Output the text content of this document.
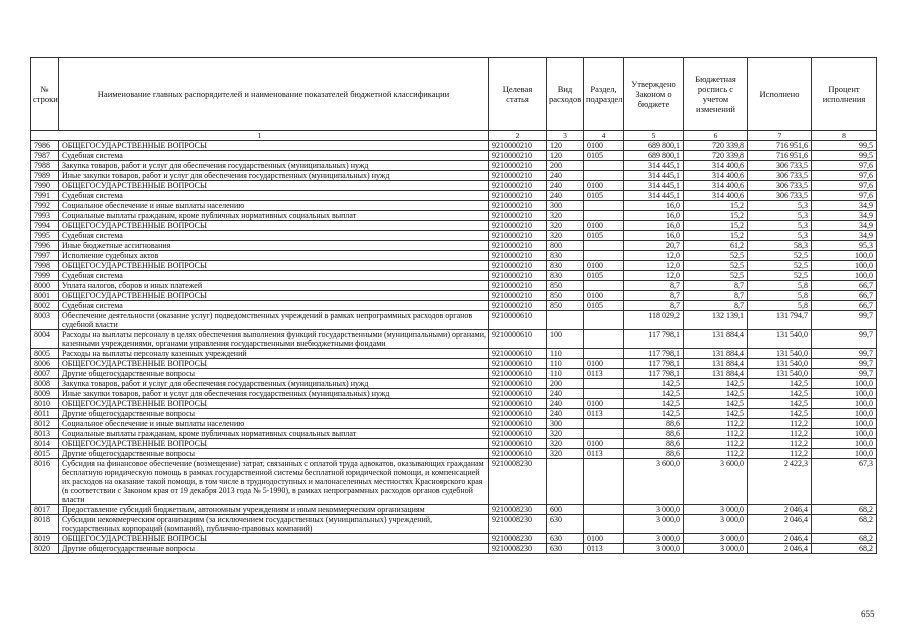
№ строки	Наименование главных распорядителей и наименование показателей бюджетной классификации	Целевая статья	Вид расходов	Раздел, подраздел	Утверждено Законом о бюджете	Бюджетная роспись с учетом изменений	Исполнено	Процент исполнения
1		2	3	4	5	6	7	8
7986	ОБЩЕГОСУДАРСТВЕННЫЕ ВОПРОСЫ	9210000210	120	0100	689 800,1	720 339,8	716 951,6	99,5
7987	Судебная система	9210000210	120	0105	689 800,1	720 339,8	716 951,6	99,5
7988	Закупка товаров, работ и услуг для обеспечения государственных (муниципальных) нужд	9210000210	200		314 445,1	314 400,6	306 733,5	97,6
7989	Иные закупки товаров, работ и услуг для обеспечения государственных (муниципальных) нужд	9210000210	240		314 445,1	314 400,6	306 733,5	97,6
7990	ОБЩЕГОСУДАРСТВЕННЫЕ ВОПРОСЫ	9210000210	240	0100	314 445,1	314 400,6	306 733,5	97,6
7991	Судебная система	9210000210	240	0105	314 445,1	314 400,6	306 733,5	97,6
7992	Социальное обеспечение и иные выплаты населению	9210000210	300		16,0	15,2	5,3	34,9
7993	Социальные выплаты гражданам, кроме публичных нормативных социальных выплат	9210000210	320		16,0	15,2	5,3	34,9
7994	ОБЩЕГОСУДАРСТВЕННЫЕ ВОПРОСЫ	9210000210	320	0100	16,0	15,2	5,3	34,9
7995	Судебная система	9210000210	320	0105	16,0	15,2	5,3	34,9
7996	Иные бюджетные ассигнования	9210000210	800		20,7	61,2	58,3	95,3
7997	Исполнение судебных актов	9210000210	830		12,0	52,5	52,5	100,0
7998	ОБЩЕГОСУДАРСТВЕННЫЕ ВОПРОСЫ	9210000210	830	0100	12,0	52,5	52,5	100,0
7999	Судебная система	9210000210	830	0105	12,0	52,5	52,5	100,0
8000	Уплата налогов, сборов и иных платежей	9210000210	850		8,7	8,7	5,8	66,7
8001	ОБЩЕГОСУДАРСТВЕННЫЕ ВОПРОСЫ	9210000210	850	0100	8,7	8,7	5,8	66,7
8002	Судебная система	9210000210	850	0105	8,7	8,7	5,8	66,7
8003	Обеспечение деятельности (оказание услуг) подведомственных учреждений в рамках непрограммных расходов органов судебной власти	9210000610			118 029,2	132 139,1	131 794,7	99,7
8004	Расходы на выплаты персоналу в целях обеспечения выполнения функций государственными (муниципальными) органами, казенными учреждениями, органами управления государственными внебюджетными фондами	9210000610	100		117 798,1	131 884,4	131 540,0	99,7
8005	Расходы на выплаты персоналу казенных учреждений	9210000610	110		117 798,1	131 884,4	131 540,0	99,7
8006	ОБЩЕГОСУДАРСТВЕННЫЕ ВОПРОСЫ	9210000610	110	0100	117 798,1	131 884,4	131 540,0	99,7
8007	Другие общегосударственные вопросы	9210000610	110	0113	117 798,1	131 884,4	131 540,0	99,7
8008	Закупка товаров, работ и услуг для обеспечения государственных (муниципальных) нужд	9210000610	200		142,5	142,5	142,5	100,0
8009	Иные закупки товаров, работ и услуг для обеспечения государственных (муниципальных) нужд	9210000610	240		142,5	142,5	142,5	100,0
8010	ОБЩЕГОСУДАРСТВЕННЫЕ ВОПРОСЫ	9210000610	240	0100	142,5	142,5	142,5	100,0
8011	Другие общегосударственные вопросы	9210000610	240	0113	142,5	142,5	142,5	100,0
8012	Социальное обеспечение и иные выплаты населению	9210000610	300		88,6	112,2	112,2	100,0
8013	Социальные выплаты гражданам, кроме публичных нормативных социальных выплат	9210000610	320		88,6	112,2	112,2	100,0
8014	ОБЩЕГОСУДАРСТВЕННЫЕ ВОПРОСЫ	9210000610	320	0100	88,6	112,2	112,2	100,0
8015	Другие общегосударственные вопросы	9210000610	320	0113	88,6	112,2	112,2	100,0
8016	Субсидия на финансовое обеспечение (возмещение) затрат, связанных с оплатой труда адвокатов, оказывающих гражданам бесплатную юридическую помощь в рамках государственной системы бесплатной юридической помощи, и компенсацией их расходов на оказание такой помощи, в том числе в труднодоступных и малонаселенных местностях Красноярского края (в соответствии с Законом края от 19 декабря 2013 года № 5-1990), в рамках непрограммных расходов органов судебной власти	9210008230			3 600,0	3 600,0	2 422,3	67,3
8017	Предоставление субсидий бюджетным, автономным учреждениям и иным некоммерческим организациям	9210008230	600		3 000,0	3 000,0	2 046,4	68,2
8018	Субсидии некоммерческим организациям (за исключением государственных (муниципальных) учреждений, государственных корпораций (компаний), публично-правовых компаний)	9210008230	630		3 000,0	3 000,0	2 046,4	68,2
8019	ОБЩЕГОСУДАРСТВЕННЫЕ ВОПРОСЫ	9210008230	630	0100	3 000,0	3 000,0	2 046,4	68,2
8020	Другие общегосударственные вопросы	9210008230	630	0113	3 000,0	3 000,0	2 046,4	68,2
655
